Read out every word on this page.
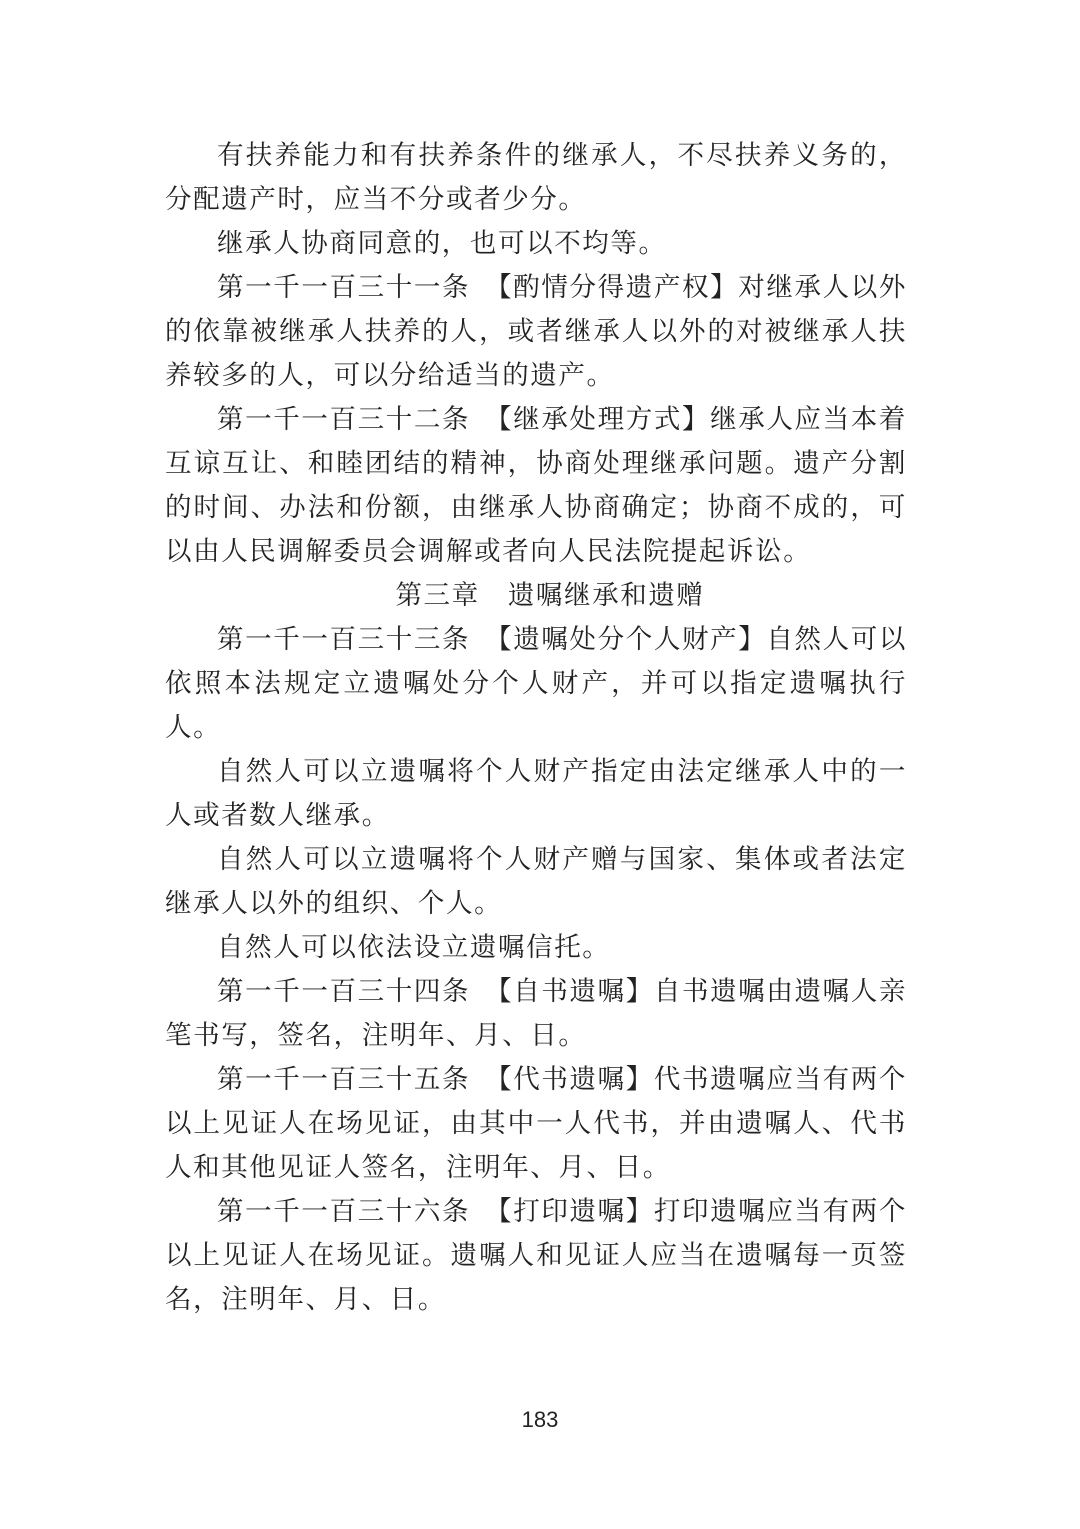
有扶养能力和有扶养条件的继承人，不尽扶养义务的，分配遗产时，应当不分或者少分。

继承人协商同意的，也可以不均等。

第一千一百三十一条　【酌情分得遗产权】对继承人以外的依靠被继承人扶养的人，或者继承人以外的对被继承人扶养较多的人，可以分给适当的遗产。

第一千一百三十二条　【继承处理方式】继承人应当本着互谅互让、和睦团结的精神，协商处理继承问题。遗产分割的时间、办法和份额，由继承人协商确定；协商不成的，可以由人民调解委员会调解或者向人民法院提起诉讼。

第三章　遗嘱继承和遗赠

第一千一百三十三条　【遗嘱处分个人财产】自然人可以依照本法规定立遗嘱处分个人财产，并可以指定遗嘱执行人。

自然人可以立遗嘱将个人财产指定由法定继承人中的一人或者数人继承。

自然人可以立遗嘱将个人财产赠与国家、集体或者法定继承人以外的组织、个人。

自然人可以依法设立遗嘱信托。

第一千一百三十四条　【自书遗嘱】自书遗嘱由遗嘱人亲笔书写，签名，注明年、月、日。

第一千一百三十五条　【代书遗嘱】代书遗嘱应当有两个以上见证人在场见证，由其中一人代书，并由遗嘱人、代书人和其他见证人签名，注明年、月、日。

第一千一百三十六条　【打印遗嘱】打印遗嘱应当有两个以上见证人在场见证。遗嘱人和见证人应当在遗嘱每一页签名，注明年、月、日。

183
